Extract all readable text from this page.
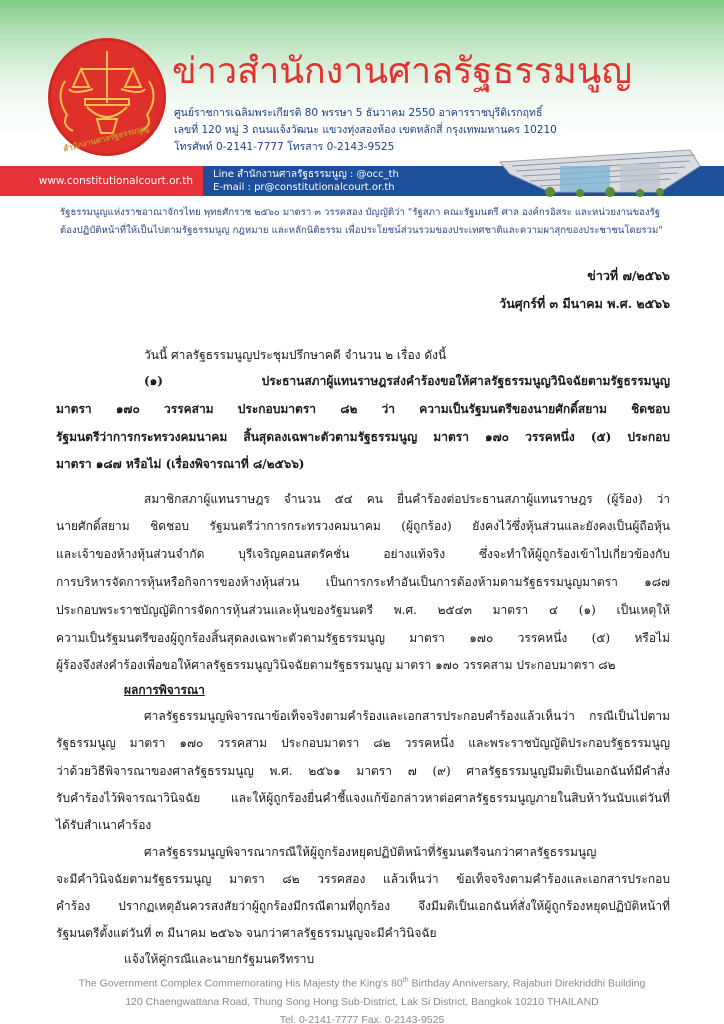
สำนักงานศาลรัฐธรรมนูญ
ข่าวสำนักงานศาลรัฐธรรมนูญ
ศูนย์ราชการเฉลิมพระเกียรติ 80 พรรษา 5 ธันวาคม 2550 อาคารราชบุรีดิเรกฤทธิ์
เลขที่ 120 หมู่ 3 ถนนแจ้งวัฒนะ แขวงทุ่งสองห้อง เขตหลักสี่ กรุงเทพมหานคร 10210
โทรศัพท์ 0-2141-7777 โทรสาร 0-2143-9525
www.constitutionalcourt.or.th
Line สำนักงานศาลรัฐธรรมนูญ : @occ_th
E-mail : pr@constitutionalcourt.or.th
รัฐธรรมนูญแห่งราชอาณาจักรไทย พุทธศักราช ๒๕๖๐ มาตรา ๓ วรรคสอง บัญญัติว่า "รัฐสภา คณะรัฐมนตรี ศาล องค์กรอิสระ และหน่วยงานของรัฐ
ต้องปฏิบัติหน้าที่ให้เป็นไปตามรัฐธรรมนูญ กฎหมาย และหลักนิติธรรม เพื่อประโยชน์ส่วนรวมของประเทศชาติและความผาสุกของประชาชนโดยรวม"
ข่าวที่ ๗/๒๕๖๖
วันศุกร์ที่ ๓ มีนาคม พ.ศ. ๒๕๖๖
วันนี้ ศาลรัฐธรรมนูญประชุมปรึกษาคดี จำนวน ๒ เรื่อง ดังนี้
(๑) ประธานสภาผู้แทนราษฎรส่งคำร้องขอให้ศาลรัฐธรรมนูญวินิจฉัยตามรัฐธรรมนูญ
มาตรา ๑๗๐ วรรคสาม ประกอบมาตรา ๘๒ ว่า ความเป็นรัฐมนตรีของนายศักดิ์สยาม ชิดชอบ
รัฐมนตรีว่าการกระทรวงคมนาคม สิ้นสุดลงเฉพาะตัวตามรัฐธรรมนูญ มาตรา ๑๗๐ วรรคหนึ่ง (๕) ประกอบ
มาตรา ๑๘๗ หรือไม่ (เรื่องพิจารณาที่ ๘/๒๕๖๖)
สมาชิกสภาผู้แทนราษฎร จำนวน ๕๔ คน ยื่นคำร้องต่อประธานสภาผู้แทนราษฎร (ผู้ร้อง) ว่า
นายศักดิ์สยาม ชิดชอบ รัฐมนตรีว่าการกระทรวงคมนาคม (ผู้ถูกร้อง) ยังคงไว้ซึ่งหุ้นส่วนและยังคงเป็นผู้ถือหุ้น
และเจ้าของห้างหุ้นส่วนจำกัด บุรีเจริญคอนสตรัคชั่น อย่างแท้จริง ซึ่งจะทำให้ผู้ถูกร้องเข้าไปเกี่ยวข้องกับ
การบริหารจัดการหุ้นหรือกิจการของห้างหุ้นส่วน เป็นการกระทำอันเป็นการต้องห้ามตามรัฐธรรมนูญมาตรา ๑๘๗
ประกอบพระราชบัญญัติการจัดการหุ้นส่วนและหุ้นของรัฐมนตรี พ.ศ. ๒๕๔๓ มาตรา ๔ (๑) เป็นเหตุให้
ความเป็นรัฐมนตรีของผู้ถูกร้องสิ้นสุดลงเฉพาะตัวตามรัฐธรรมนูญ มาตรา ๑๗๐ วรรคหนึ่ง (๕) หรือไม่
ผู้ร้องจึงส่งคำร้องเพื่อขอให้ศาลรัฐธรรมนูญวินิจฉัยตามรัฐธรรมนูญ มาตรา ๑๗๐ วรรคสาม ประกอบมาตรา ๘๒
ผลการพิจารณา
ศาลรัฐธรรมนูญพิจารณาข้อเท็จจริงตามคำร้องและเอกสารประกอบคำร้องแล้วเห็นว่า กรณีเป็นไปตาม
รัฐธรรมนูญ มาตรา ๑๗๐ วรรคสาม ประกอบมาตรา ๘๒ วรรคหนึ่ง และพระราชบัญญัติประกอบรัฐธรรมนูญ
ว่าด้วยวิธีพิจารณาของศาลรัฐธรรมนูญ พ.ศ. ๒๕๖๑ มาตรา ๗ (๙) ศาลรัฐธรรมนูญมีมติเป็นเอกฉันท์มีคำสั่ง
รับคำร้องไว้พิจารณาวินิจฉัย และให้ผู้ถูกร้องยื่นคำชี้แจงแก้ข้อกล่าวหาต่อศาลรัฐธรรมนูญภายในสิบห้าวันนับแต่วันที่
ได้รับสำเนาคำร้อง
ศาลรัฐธรรมนูญพิจารณากรณีให้ผู้ถูกร้องหยุดปฏิบัติหน้าที่รัฐมนตรีจนกว่าศาลรัฐธรรมนูญ
จะมีคำวินิจฉัยตามรัฐธรรมนูญ มาตรา ๘๒ วรรคสอง แล้วเห็นว่า ข้อเท็จจริงตามคำร้องและเอกสารประกอบ
คำร้อง ปรากฏเหตุอันควรสงสัยว่าผู้ถูกร้องมีกรณีตามที่ถูกร้อง จึงมีมติเป็นเอกฉันท์สั่งให้ผู้ถูกร้องหยุดปฏิบัติหน้าที่
รัฐมนตรีตั้งแต่วันที่ ๓ มีนาคม ๒๕๖๖ จนกว่าศาลรัฐธรรมนูญจะมีคำวินิจฉัย
แจ้งให้คู่กรณีและนายกรัฐมนตรีทราบ
The Government Complex Commemorating His Majesty the King's 80th Birthday Anniversary, Rajaburi Direkriddhi Building
120 Chaengwattana Road, Thung Song Hong Sub-District, Lak Si District, Bangkok 10210 THAILAND
Tel. 0-2141-7777 Fax. 0-2143-9525
